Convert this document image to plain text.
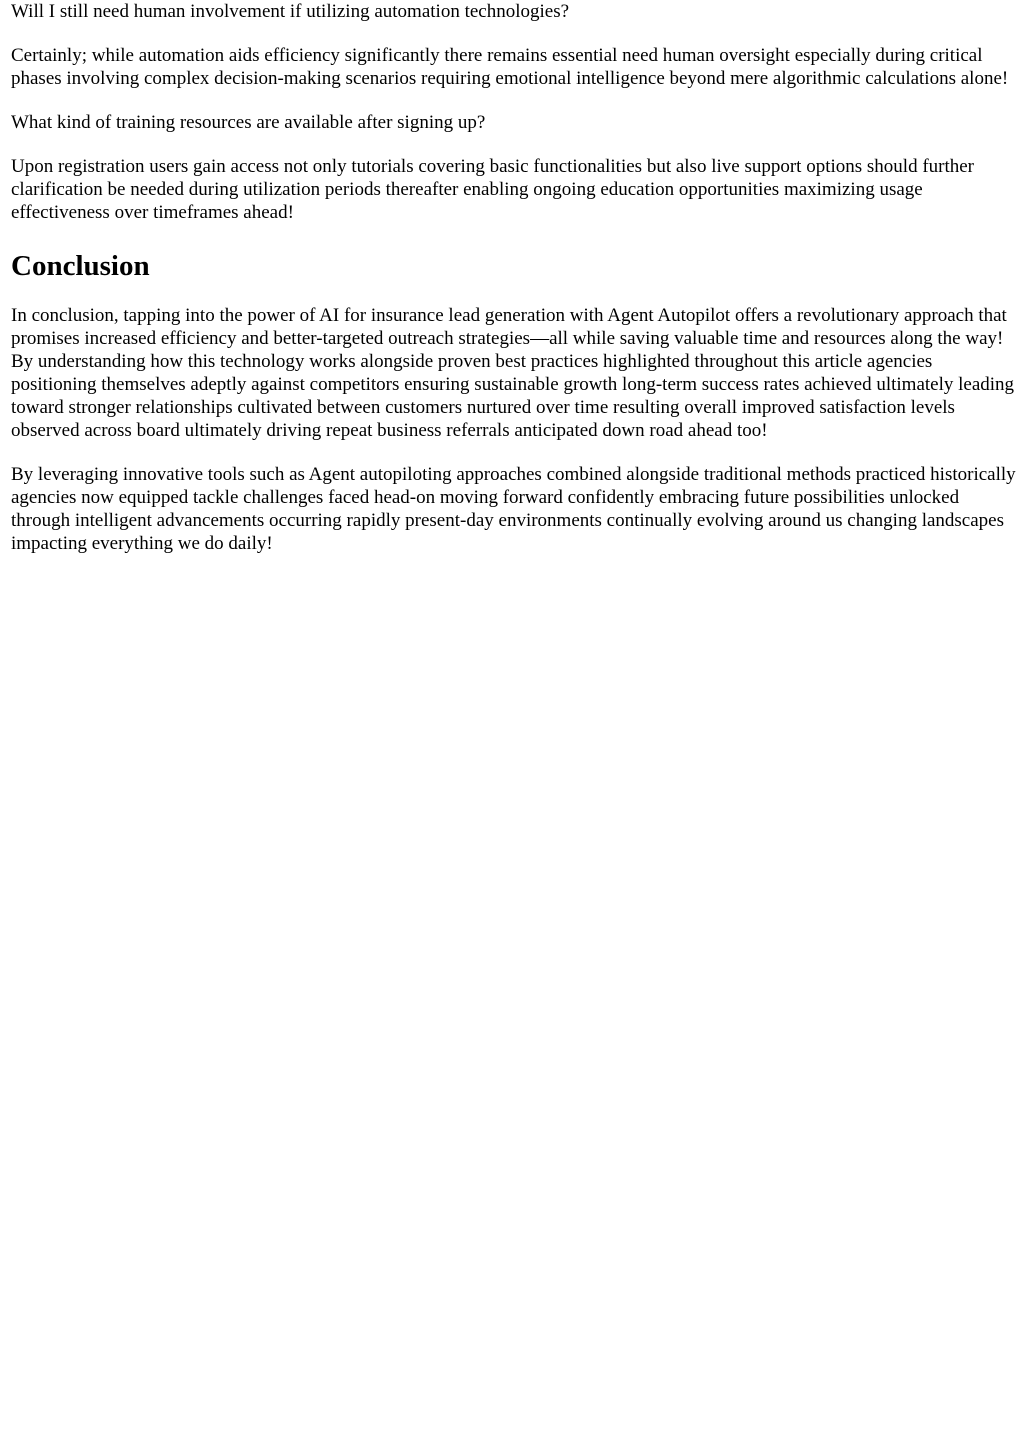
Will I still need human involvement if utilizing automation technologies?

Certainly; while automation aids efficiency significantly there remains essential need human oversight especially during critical phases involving complex decision-making scenarios requiring emotional intelligence beyond mere algorithmic calculations alone!

What kind of training resources are available after signing up?

Upon registration users gain access not only tutorials covering basic functionalities but also live support options should further clarification be needed during utilization periods thereafter enabling ongoing education opportunities maximizing usage effectiveness over timeframes ahead!

Conclusion

In conclusion, tapping into the power of AI for insurance lead generation with Agent Autopilot offers a revolutionary approach that promises increased efficiency and better-targeted outreach strategies—all while saving valuable time and resources along the way! By understanding how this technology works alongside proven best practices highlighted throughout this article agencies positioning themselves adeptly against competitors ensuring sustainable growth long-term success rates achieved ultimately leading toward stronger relationships cultivated between customers nurtured over time resulting overall improved satisfaction levels observed across board ultimately driving repeat business referrals anticipated down road ahead too!

By leveraging innovative tools such as Agent autopiloting approaches combined alongside traditional methods practiced historically agencies now equipped tackle challenges faced head-on moving forward confidently embracing future possibilities unlocked through intelligent advancements occurring rapidly present-day environments continually evolving around us changing landscapes impacting everything we do daily!
